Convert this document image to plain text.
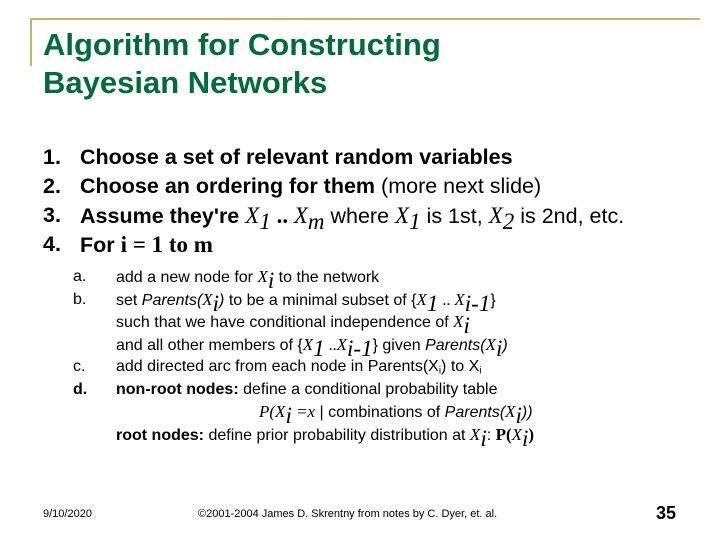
Algorithm for Constructing
Bayesian Networks
1. Choose a set of relevant random variables
2. Choose an ordering for them (more next slide)
3. Assume they're $X_1$ .. $X_m$ where $X_1$ is 1st, $X_2$ is 2nd, etc.
4. For i = 1 to m
a.	add a new node for $X_i$ to the network
b.	set $Parents(X_i)$ to be a minimal subset of {$X_1$ .. $X_{i-1}$}
such that we have conditional independence of $X_i$
c.
and all other members of {$X_1$ $..X_{i-1}$} given $Parents(X_i)$
add directed arc from each node in $Parents(X_i)$ to $X_i$
d.	non-root nodes: define a conditional probability table
$P(X_i =x$ | combinations of $Parents(X_i)$)
root nodes: define prior probability distribution at $X_i$: $P(X_i)$
9/10/2020	©2001-2004 James D. Skrentny from notes by C. Dyer, et. al.	35
